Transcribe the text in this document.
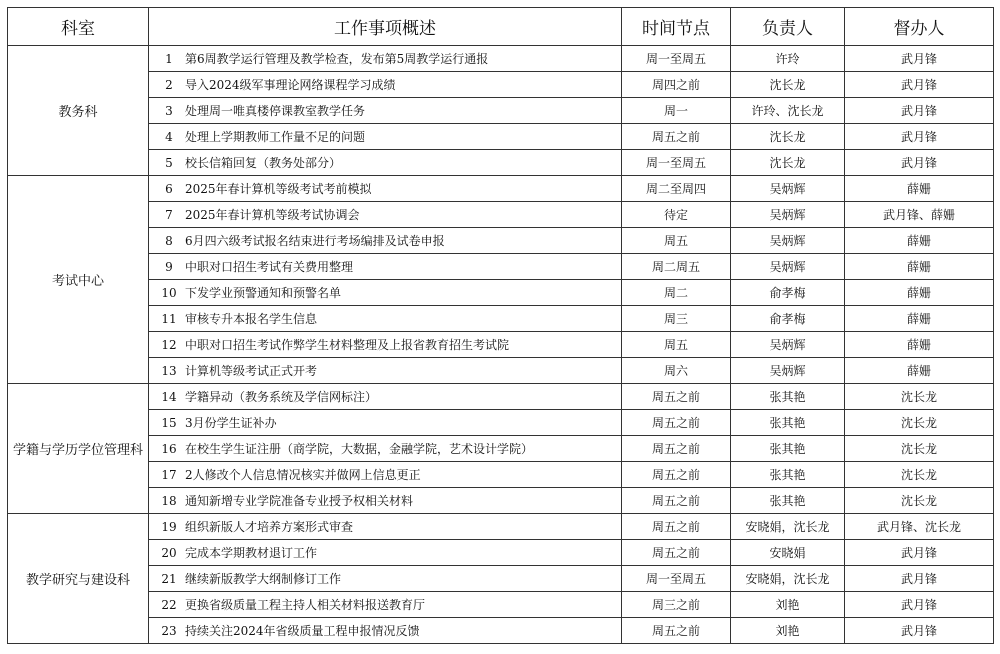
科室	工作事项概述	时间节点	负责人	督办人
教务科	1 第6周教学运行管理及教学检查，发布第5周教学运行通报	周一至周五	许玲	武月锋
	2 导入2024级军事理论网络课程学习成绩	周四之前	沈长龙	武月锋
	3 处理周一唯真楼停课教室教学任务	周一	许玲、沈长龙	武月锋
	4 处理上学期教师工作量不足的问题	周五之前	沈长龙	武月锋
	5 校长信箱回复（教务处部分）	周一至周五	沈长龙	武月锋
考试中心	6 2025年春计算机等级考试考前模拟	周二至周四	吴炳辉	薛姗
	7 2025年春计算机等级考试协调会	待定	吴炳辉	武月锋、薛姗
	8 6月四六级考试报名结束进行考场编排及试卷申报	周五	吴炳辉	薛姗
	9 中职对口招生考试有关费用整理	周二周五	吴炳辉	薛姗
	10 下发学业预警通知和预警名单	周二	俞孝梅	薛姗
	11 审核专升本报名学生信息	周三	俞孝梅	薛姗
	12 中职对口招生考试作弊学生材料整理及上报省教育招生考试院	周五	吴炳辉	薛姗
	13 计算机等级考试正式开考	周六	吴炳辉	薛姗
学籍与学历学位管理科	14 学籍异动（教务系统及学信网标注）	周五之前	张其艳	沈长龙
	15 3月份学生证补办	周五之前	张其艳	沈长龙
	16 在校生学生证注册（商学院，大数据，金融学院，艺术设计学院）	周五之前	张其艳	沈长龙
	17 2人修改个人信息情况核实并做网上信息更正	周五之前	张其艳	沈长龙
	18 通知新增专业学院准备专业授予权相关材料	周五之前	张其艳	沈长龙
教学研究与建设科	19 组织新版人才培养方案形式审查	周五之前	安晓娟，沈长龙	武月锋、沈长龙
	20 完成本学期教材退订工作	周五之前	安晓娟	武月锋
	21 继续新版教学大纲制修订工作	周一至周五	安晓娟，沈长龙	武月锋
	22 更换省级质量工程主持人相关材料报送教育厅	周三之前	刘艳	武月锋
	23 持续关注2024年省级质量工程申报情况反馈	周五之前	刘艳	武月锋
